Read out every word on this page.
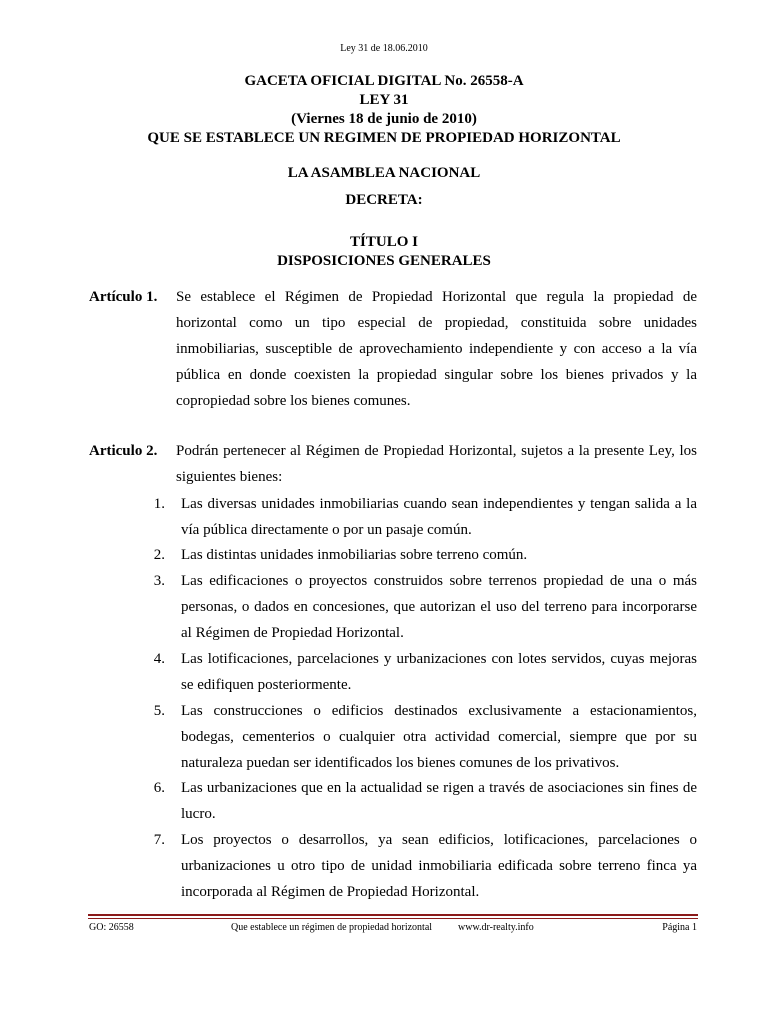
Ley 31 de 18.06.2010
GACETA OFICIAL DIGITAL No. 26558-A
LEY 31
(Viernes 18 de junio de 2010)
QUE SE ESTABLECE UN REGIMEN DE PROPIEDAD HORIZONTAL
LA ASAMBLEA NACIONAL
DECRETA:
TÍTULO I
DISPOSICIONES GENERALES
Artículo 1. Se establece el Régimen de Propiedad Horizontal que regula la propiedad de horizontal como un tipo especial de propiedad, constituida sobre unidades inmobiliarias, susceptible de aprovechamiento independiente y con acceso a la vía pública en donde coexisten la propiedad singular sobre los bienes privados y la copropiedad sobre los bienes comunes.
Articulo 2. Podrán pertenecer al Régimen de Propiedad Horizontal, sujetos a la presente Ley, los siguientes bienes:
1. Las diversas unidades inmobiliarias cuando sean independientes y tengan salida a la vía pública directamente o por un pasaje común.
2. Las distintas unidades inmobiliarias sobre terreno común.
3. Las edificaciones o proyectos construidos sobre terrenos propiedad de una o más personas, o dados en concesiones, que autorizan el uso del terreno para incorporarse al Régimen de Propiedad Horizontal.
4. Las lotificaciones, parcelaciones y urbanizaciones con lotes servidos, cuyas mejoras se edifiquen posteriormente.
5. Las construcciones o edificios destinados exclusivamente a estacionamientos, bodegas, cementerios o cualquier otra actividad comercial, siempre que por su naturaleza puedan ser identificados los bienes comunes de los privativos.
6. Las urbanizaciones que en la actualidad se rigen a través de asociaciones sin fines de lucro.
7. Los proyectos o desarrollos, ya sean edificios, lotificaciones, parcelaciones o urbanizaciones u otro tipo de unidad inmobiliaria edificada sobre terreno finca ya incorporada al Régimen de Propiedad Horizontal.
GO: 26558	Que establece un régimen de propiedad horizontal	www.dr-realty.info	Página 1
